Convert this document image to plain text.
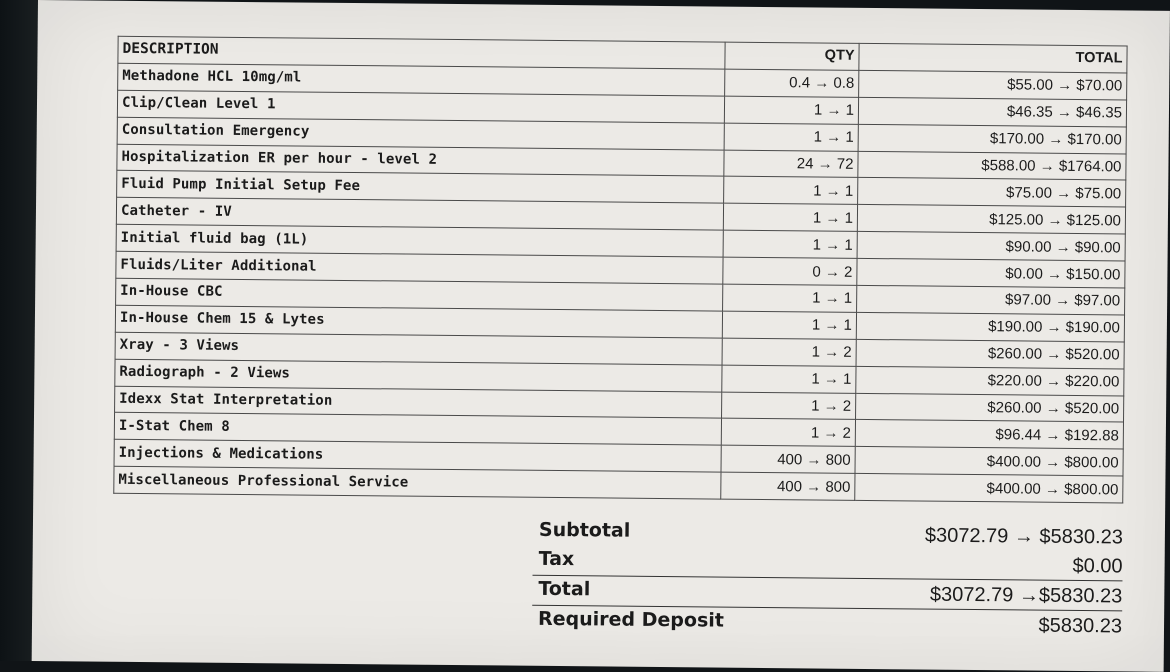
DESCRIPTION	QTY	TOTAL
Methadone HCL 10mg/ml	0.4 → 0.8	$55.00 → $70.00
Clip/Clean Level 1	1 → 1	$46.35 → $46.35
Consultation Emergency	1 → 1	$170.00 → $170.00
Hospitalization ER per hour - level 2	24 → 72	$588.00 → $1764.00
Fluid Pump Initial Setup Fee	1 → 1	$75.00 → $75.00
Catheter - IV	1 → 1	$125.00 → $125.00
Initial fluid bag (1L)	1 → 1	$90.00 → $90.00
Fluids/Liter Additional	0 → 2	$0.00 → $150.00
In-House CBC	1 → 1	$97.00 → $97.00
In-House Chem 15 & Lytes	1 → 1	$190.00 → $190.00
Xray - 3 Views	1 → 2	$260.00 → $520.00
Radiograph - 2 Views	1 → 1	$220.00 → $220.00
Idexx Stat Interpretation	1 → 2	$260.00 → $520.00
I-Stat Chem 8	1 → 2	$96.44 → $192.88
Injections & Medications	400 → 800	$400.00 → $800.00
Miscellaneous Professional Service	400 → 800	$400.00 → $800.00
Subtotal	$3072.79 → $5830.23
Tax	$0.00
Total	$3072.79 →$5830.23
Required Deposit	$5830.23
